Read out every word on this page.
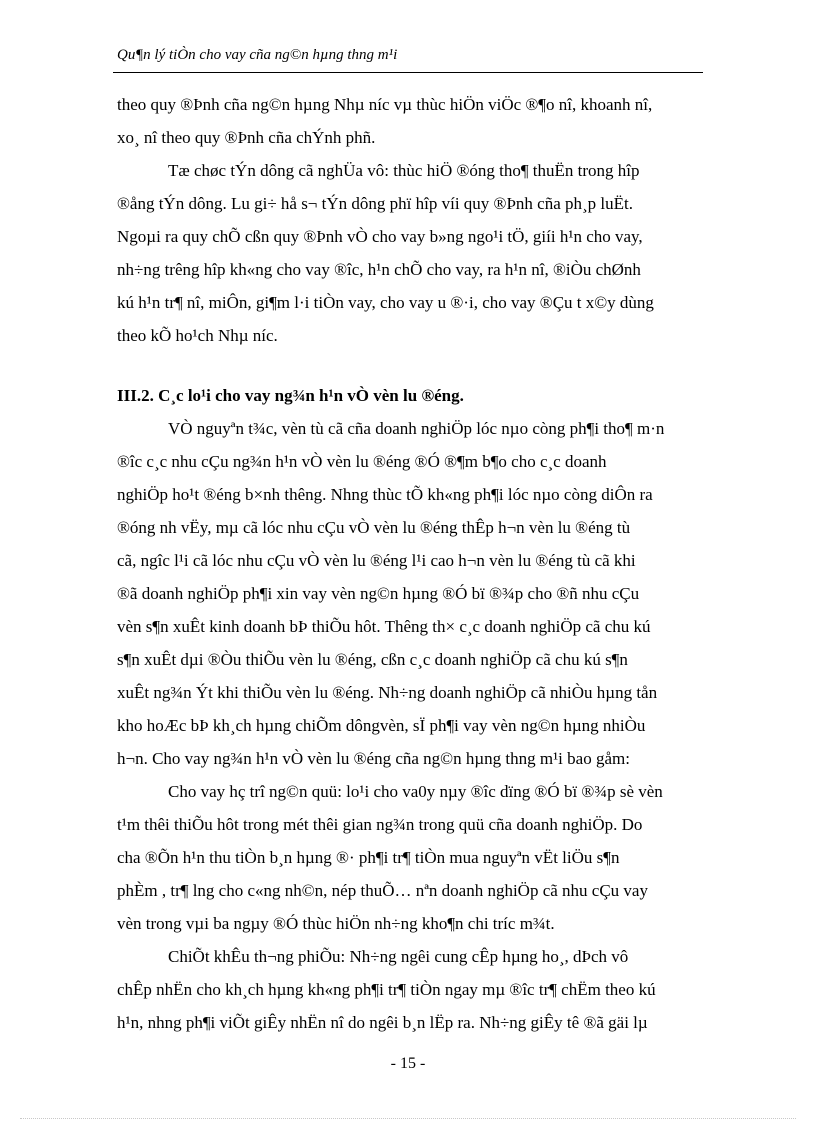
Qu¶n lý tiÒn cho vay cña ng©n hµng thng m¹i
theo quy ®Þnh cña ng©n hµng Nhµ níc vµ thùc hiÖn viÖc ®¶o nî, khoanh nî,
xo¸ nî theo quy ®Þnh cña chÝnh phñ.
Tæ chøc tÝn dông cã nghÜa vô: thùc hiÖ ®óng tho¶ thuËn trong hîp
®ång tÝn dông. Lu gi÷ hå s¬ tÝn dông phï hîp víi quy ®Þnh cña ph¸p luËt.
Ngoµi ra quy chÕ cßn quy ®Þnh vÒ cho vay b»ng ngo¹i tÖ, giíi h¹n cho vay,
nh÷ng trêng hîp kh«ng cho vay ®îc, h¹n chÕ cho vay, ra h¹n nî, ®iÒu chØnh
kú h¹n tr¶ nî, miÔn, gi¶m l·i tiÒn vay, cho vay u ®·i, cho vay ®Çu t x©y dùng
theo kÕ ho¹ch Nhµ níc.
III.2. C¸c lo¹i cho vay ng¾n h¹n vÒ vèn lu ®éng.
VÒ nguyªn t¾c, vèn tù cã cña doanh nghiÖp lóc nµo còng ph¶i tho¶ m·n
®îc c¸c nhu cÇu ng¾n h¹n vÒ vèn lu ®éng ®Ó ®¶m b¶o cho c¸c doanh
nghiÖp ho¹t ®éng b×nh thêng. Nhng thùc tÕ kh«ng ph¶i lóc nµo còng diÔn ra
®óng nh vËy, mµ cã lóc nhu cÇu vÒ vèn lu ®éng thÊp h¬n vèn lu ®éng tù
cã, ngîc l¹i cã lóc nhu cÇu vÒ vèn lu ®éng l¹i cao h¬n vèn lu ®éng tù cã khi
®ã doanh nghiÖp ph¶i xin vay vèn ng©n hµng ®Ó bï ®¾p cho ®ñ nhu cÇu
vèn s¶n xuÊt kinh doanh bÞ thiÕu hôt. Thêng th× c¸c doanh nghiÖp cã chu kú
s¶n xuÊt dµi ®Òu thiÕu vèn lu ®éng, cßn c¸c doanh nghiÖp cã chu kú s¶n
xuÊt ng¾n Ýt khi thiÕu vèn lu ®éng. Nh÷ng doanh nghiÖp cã nhiÒu hµng tån
kho hoÆc bÞ kh¸ch hµng chiÕm dôngvèn, sÏ ph¶i vay vèn ng©n hµng nhiÒu
h¬n. Cho vay ng¾n h¹n vÒ vèn lu ®éng cña ng©n hµng thng m¹i bao gåm:
Cho vay hç trî ng©n quü: lo¹i cho va0y nµy ®îc dïng ®Ó bï ®¾p sè vèn
t¹m thêi thiÕu hôt trong mét thêi gian ng¾n trong quü cña doanh nghiÖp. Do
cha ®Õn h¹n thu tiÒn b¸n hµng ®· ph¶i tr¶ tiÒn mua nguyªn vËt liÖu s¶n
phÈm , tr¶ lng cho c«ng nh©n, nép thuÕ… nªn doanh nghiÖp cã nhu cÇu vay
vèn trong vµi ba ngµy ®Ó thùc hiÖn nh÷ng kho¶n chi tríc m¾t.
ChiÕt khÊu th¬ng phiÕu: Nh÷ng ngêi cung cÊp hµng ho¸, dÞch vô
chÊp nhËn cho kh¸ch hµng kh«ng ph¶i tr¶ tiÒn ngay mµ ®îc tr¶ chËm theo kú
h¹n, nhng ph¶i viÕt giÊy nhËn nî do ngêi b¸n lËp ra. Nh÷ng giÊy tê ®ã gäi lµ
- 15 -
